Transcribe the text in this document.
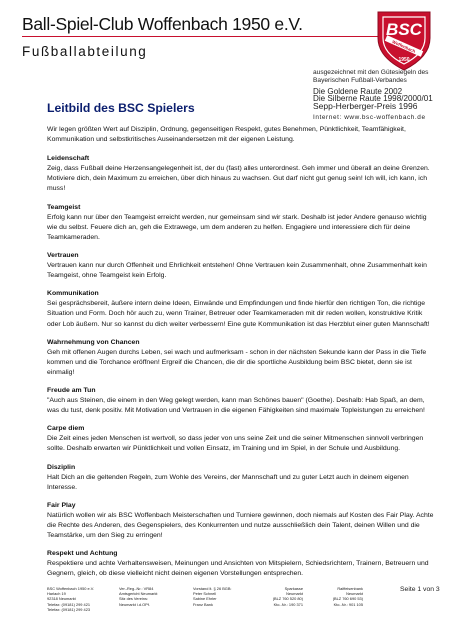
Ball-Spiel-Club Woffenbach 1950 e.V.
Fußballabteilung
BSC
Woffenbach
1950
ausgezeichnet mit den Gütesiegeln des
Bayerischen Fußball-Verbandes
Die Goldene Raute 2002
Die Silberne Raute 1998/2000/01
Sepp-Herberger-Preis 1996
Internet: www.bsc-woffenbach.de
Leitbild des BSC Spielers

Wir legen größten Wert auf Disziplin, Ordnung, gegenseitigen Respekt, gutes Benehmen, Pünktlichkeit, Teamfähigkeit, Kommunikation und selbstkritisches Auseinandersetzen mit der eigenen Leistung.

Leidenschaft

Zeig, dass Fußball deine Herzensangelegenheit ist, der du (fast) alles unterordnest. Geh immer und überall an deine Grenzen. Motiviere dich, dein Maximum zu erreichen, über dich hinaus zu wachsen. Gut darf nicht gut genug sein! Ich will, ich kann, ich muss!

Teamgeist

Erfolg kann nur über den Teamgeist erreicht werden, nur gemeinsam sind wir stark. Deshalb ist jeder Andere genauso wichtig wie du selbst. Feuere dich an, geh die Extrawege, um dem anderen zu helfen. Engagiere und interessiere dich für deine Teamkameraden.

Vertrauen

Vertrauen kann nur durch Offenheit und Ehrlichkeit entstehen! Ohne Vertrauen kein Zusammenhalt, ohne Zusammenhalt kein Teamgeist, ohne Teamgeist kein Erfolg.

Kommunikation

Sei gesprächsbereit, äußere intern deine Ideen, Einwände und Empfindungen und finde hierfür den richtigen Ton, die richtige Situation und Form. Doch hör auch zu, wenn Trainer, Betreuer oder Teamkameraden mit dir reden wollen, konstruktive Kritik oder Lob äußern. Nur so kannst du dich weiter verbessern! Eine gute Kommunikation ist das Herzblut einer guten Mannschaft!

Wahrnehmung von Chancen

Geh mit offenen Augen durchs Leben, sei wach und aufmerksam - schon in der nächsten Sekunde kann der Pass in die Tiefe kommen und die Torchance eröffnen! Ergreif die Chancen, die dir die sportliche Ausbildung beim BSC bietet, denn sie ist einmalig!

Freude am Tun

"Auch aus Steinen, die einem in den Weg gelegt werden, kann man Schönes bauen" (Goethe). Deshalb: Hab Spaß, an dem, was du tust, denk positiv. Mit Motivation und Vertrauen in die eigenen Fähigkeiten sind maximale Topleistungen zu erreichen!

Carpe diem

Die Zeit eines jeden Menschen ist wertvoll, so dass jeder von uns seine Zeit und die seiner Mitmenschen sinnvoll verbringen sollte. Deshalb erwarten wir Pünktlichkeit und vollen Einsatz, im Training und im Spiel, in der Schule und Ausbildung.

Disziplin

Halt Dich an die geltenden Regeln, zum Wohle des Vereins, der Mannschaft und zu guter Letzt auch in deinem eigenen Interesse.

Fair Play

Natürlich wollen wir als BSC Woffenbach Meisterschaften und Turniere gewinnen, doch niemals auf Kosten des Fair Play. Achte die Rechte des Anderen, des Gegenspielers, des Konkurrenten und nutze ausschließlich dein Talent, deinen Willen und die Teamstärke, um den Sieg zu erringen!

Respekt und Achtung

Respektiere und achte Verhaltensweisen, Meinungen und Ansichten von Mitspielern, Schiedsrichtern, Trainern, Betreuern und Gegnern, gleich, ob diese vielleicht nicht deinen eigenen Vorstellungen entsprechen.

BSC Woffenbach 1950 e.V.
Harlach 19
92318 Neumarkt
Telefax: (09181) 299 421
Telefax: (09181) 299 423
Ver.-Reg.-Nr.: VR84
Amtsgericht Neumarkt
Sitz des Vereins:
Neumarkt i.d.OPf.
Vorstand lt. § 26 BGB:
Peter Schnell
Sabine Ehrler
Franz Bank
Sparkasse
Neumarkt
(BLZ 760 520 80)
Kto.-Nr.: 190 371
Raiffeisenbank
Neumarkt
(BLZ 760 690 53)
Kto.-Nr.: 901 105
Seite 1 von 3
